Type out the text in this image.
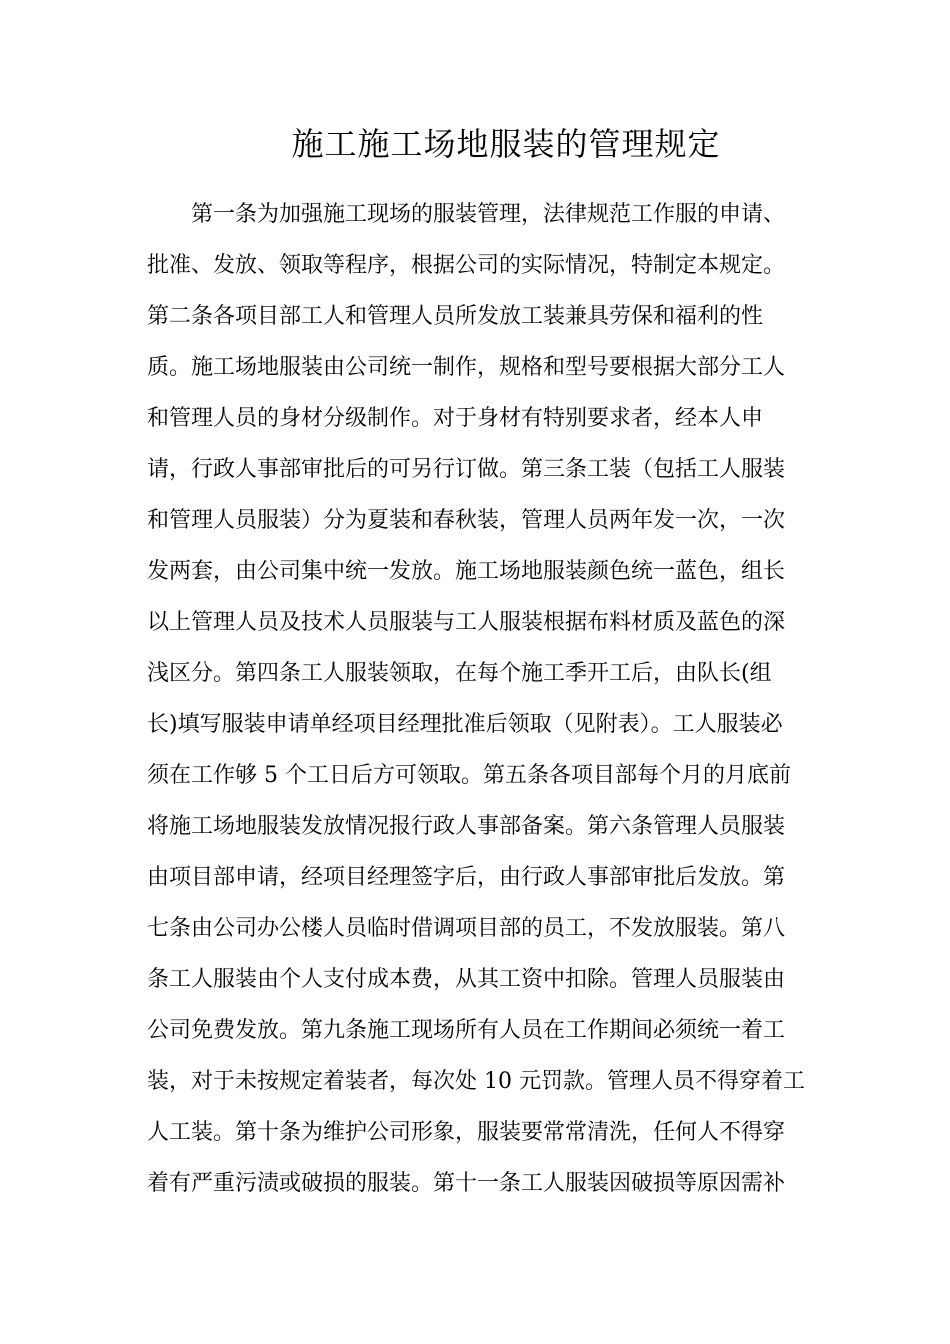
施工施工场地服装的管理规定
第一条为加强施工现场的服装管理，法律规范工作服的申请、
批准、发放、领取等程序，根据公司的实际情况，特制定本规定。
第二条各项目部工人和管理人员所发放工装兼具劳保和福利的性
质。施工场地服装由公司统一制作，规格和型号要根据大部分工人
和管理人员的身材分级制作。对于身材有特别要求者，经本人申
请，行政人事部审批后的可另行订做。第三条工装（包括工人服装
和管理人员服装）分为夏装和春秋装，管理人员两年发一次，一次
发两套，由公司集中统一发放。施工场地服装颜色统一蓝色，组长
以上管理人员及技术人员服装与工人服装根据布料材质及蓝色的深
浅区分。第四条工人服装领取，在每个施工季开工后，由队长(组
长)填写服装申请单经项目经理批准后领取（见附表）。工人服装必
须在工作够 5 个工日后方可领取。第五条各项目部每个月的月底前
将施工场地服装发放情况报行政人事部备案。第六条管理人员服装
由项目部申请，经项目经理签字后，由行政人事部审批后发放。第
七条由公司办公楼人员临时借调项目部的员工，不发放服装。第八
条工人服装由个人支付成本费，从其工资中扣除。管理人员服装由
公司免费发放。第九条施工现场所有人员在工作期间必须统一着工
装，对于未按规定着装者，每次处 10 元罚款。管理人员不得穿着工
人工装。第十条为维护公司形象，服装要常常清洗，任何人不得穿
着有严重污渍或破损的服装。第十一条工人服装因破损等原因需补
